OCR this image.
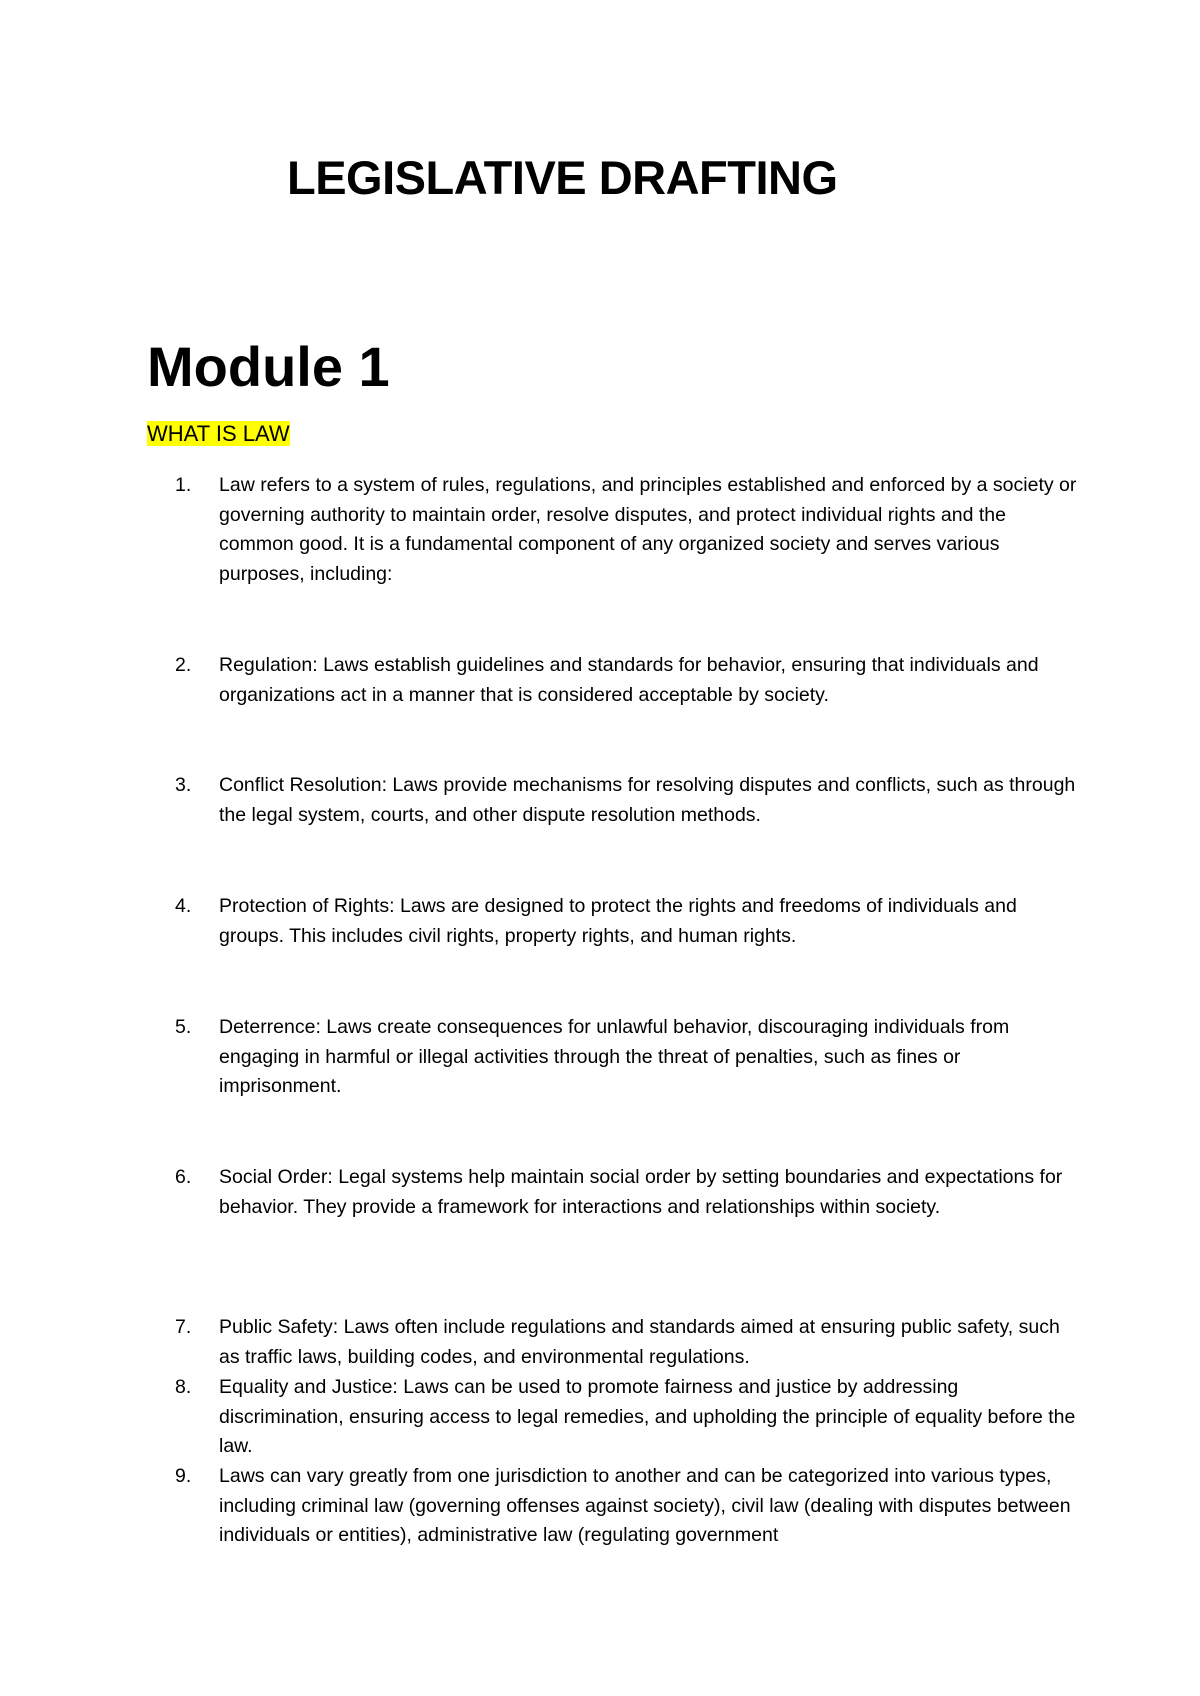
LEGISLATIVE DRAFTING
Module 1

WHAT IS LAW

1. Law refers to a system of rules, regulations, and principles established and enforced by a society or governing authority to maintain order, resolve disputes, and protect individual rights and the common good. It is a fundamental component of any organized society and serves various purposes, including:
2. Regulation: Laws establish guidelines and standards for behavior, ensuring that individuals and organizations act in a manner that is considered acceptable by society.
3. Conflict Resolution: Laws provide mechanisms for resolving disputes and conflicts, such as through the legal system, courts, and other dispute resolution methods.
4. Protection of Rights: Laws are designed to protect the rights and freedoms of individuals and groups. This includes civil rights, property rights, and human rights.
5. Deterrence: Laws create consequences for unlawful behavior, discouraging individuals from engaging in harmful or illegal activities through the threat of penalties, such as fines or imprisonment.
6. Social Order: Legal systems help maintain social order by setting boundaries and expectations for behavior. They provide a framework for interactions and relationships within society.
7. Public Safety: Laws often include regulations and standards aimed at ensuring public safety, such as traffic laws, building codes, and environmental regulations.
8. Equality and Justice: Laws can be used to promote fairness and justice by addressing discrimination, ensuring access to legal remedies, and upholding the principle of equality before the law.
9. Laws can vary greatly from one jurisdiction to another and can be categorized into various types, including criminal law (governing offenses against society), civil law (dealing with disputes between individuals or entities), administrative law (regulating government
